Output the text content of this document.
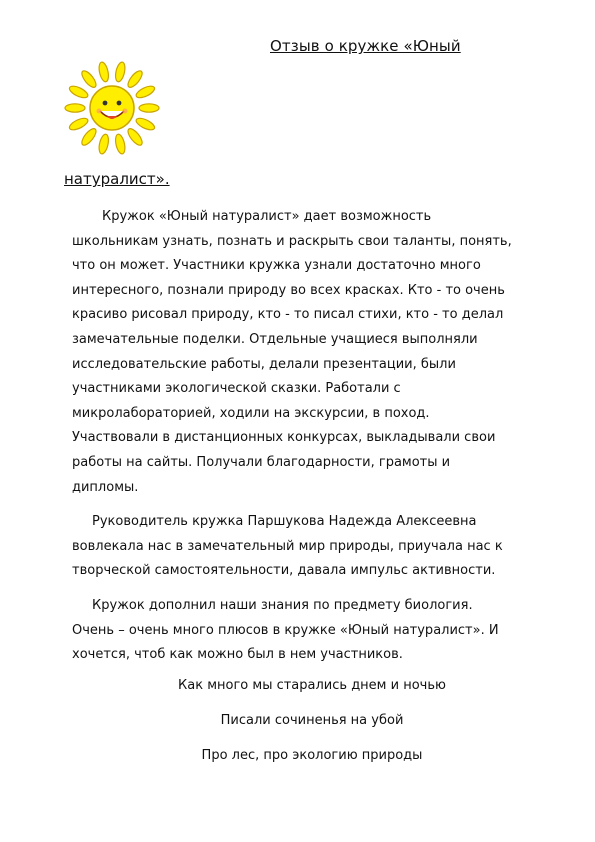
Отзыв о кружке «Юный
натуралист».

Кружок «Юный натуралист» дает возможность
школьникам узнать, познать и раскрыть свои таланты, понять,
что он может. Участники кружка узнали достаточно много
интересного, познали природу во всех красках. Кто - то очень
красиво рисовал природу, кто - то писал стихи, кто - то делал
замечательные поделки. Отдельные учащиеся выполняли
исследовательские работы, делали презентации, были
участниками экологической сказки. Работали с
микролабораторией, ходили на экскурсии, в поход.
Участвовали в дистанционных конкурсах, выкладывали свои
работы на сайты. Получали благодарности, грамоты и
дипломы.

Руководитель кружка Паршукова Надежда Алексеевна
вовлекала нас в замечательный мир природы, приучала нас к
творческой самостоятельности, давала импульс активности.

Кружок дополнил наши знания по предмету биология.
Очень – очень много плюсов в кружке «Юный натуралист». И
хочется, чтоб как можно был в нем участников.

Как много мы старались днем и ночью

Писали сочиненья на убой

Про лес, про экологию природы
